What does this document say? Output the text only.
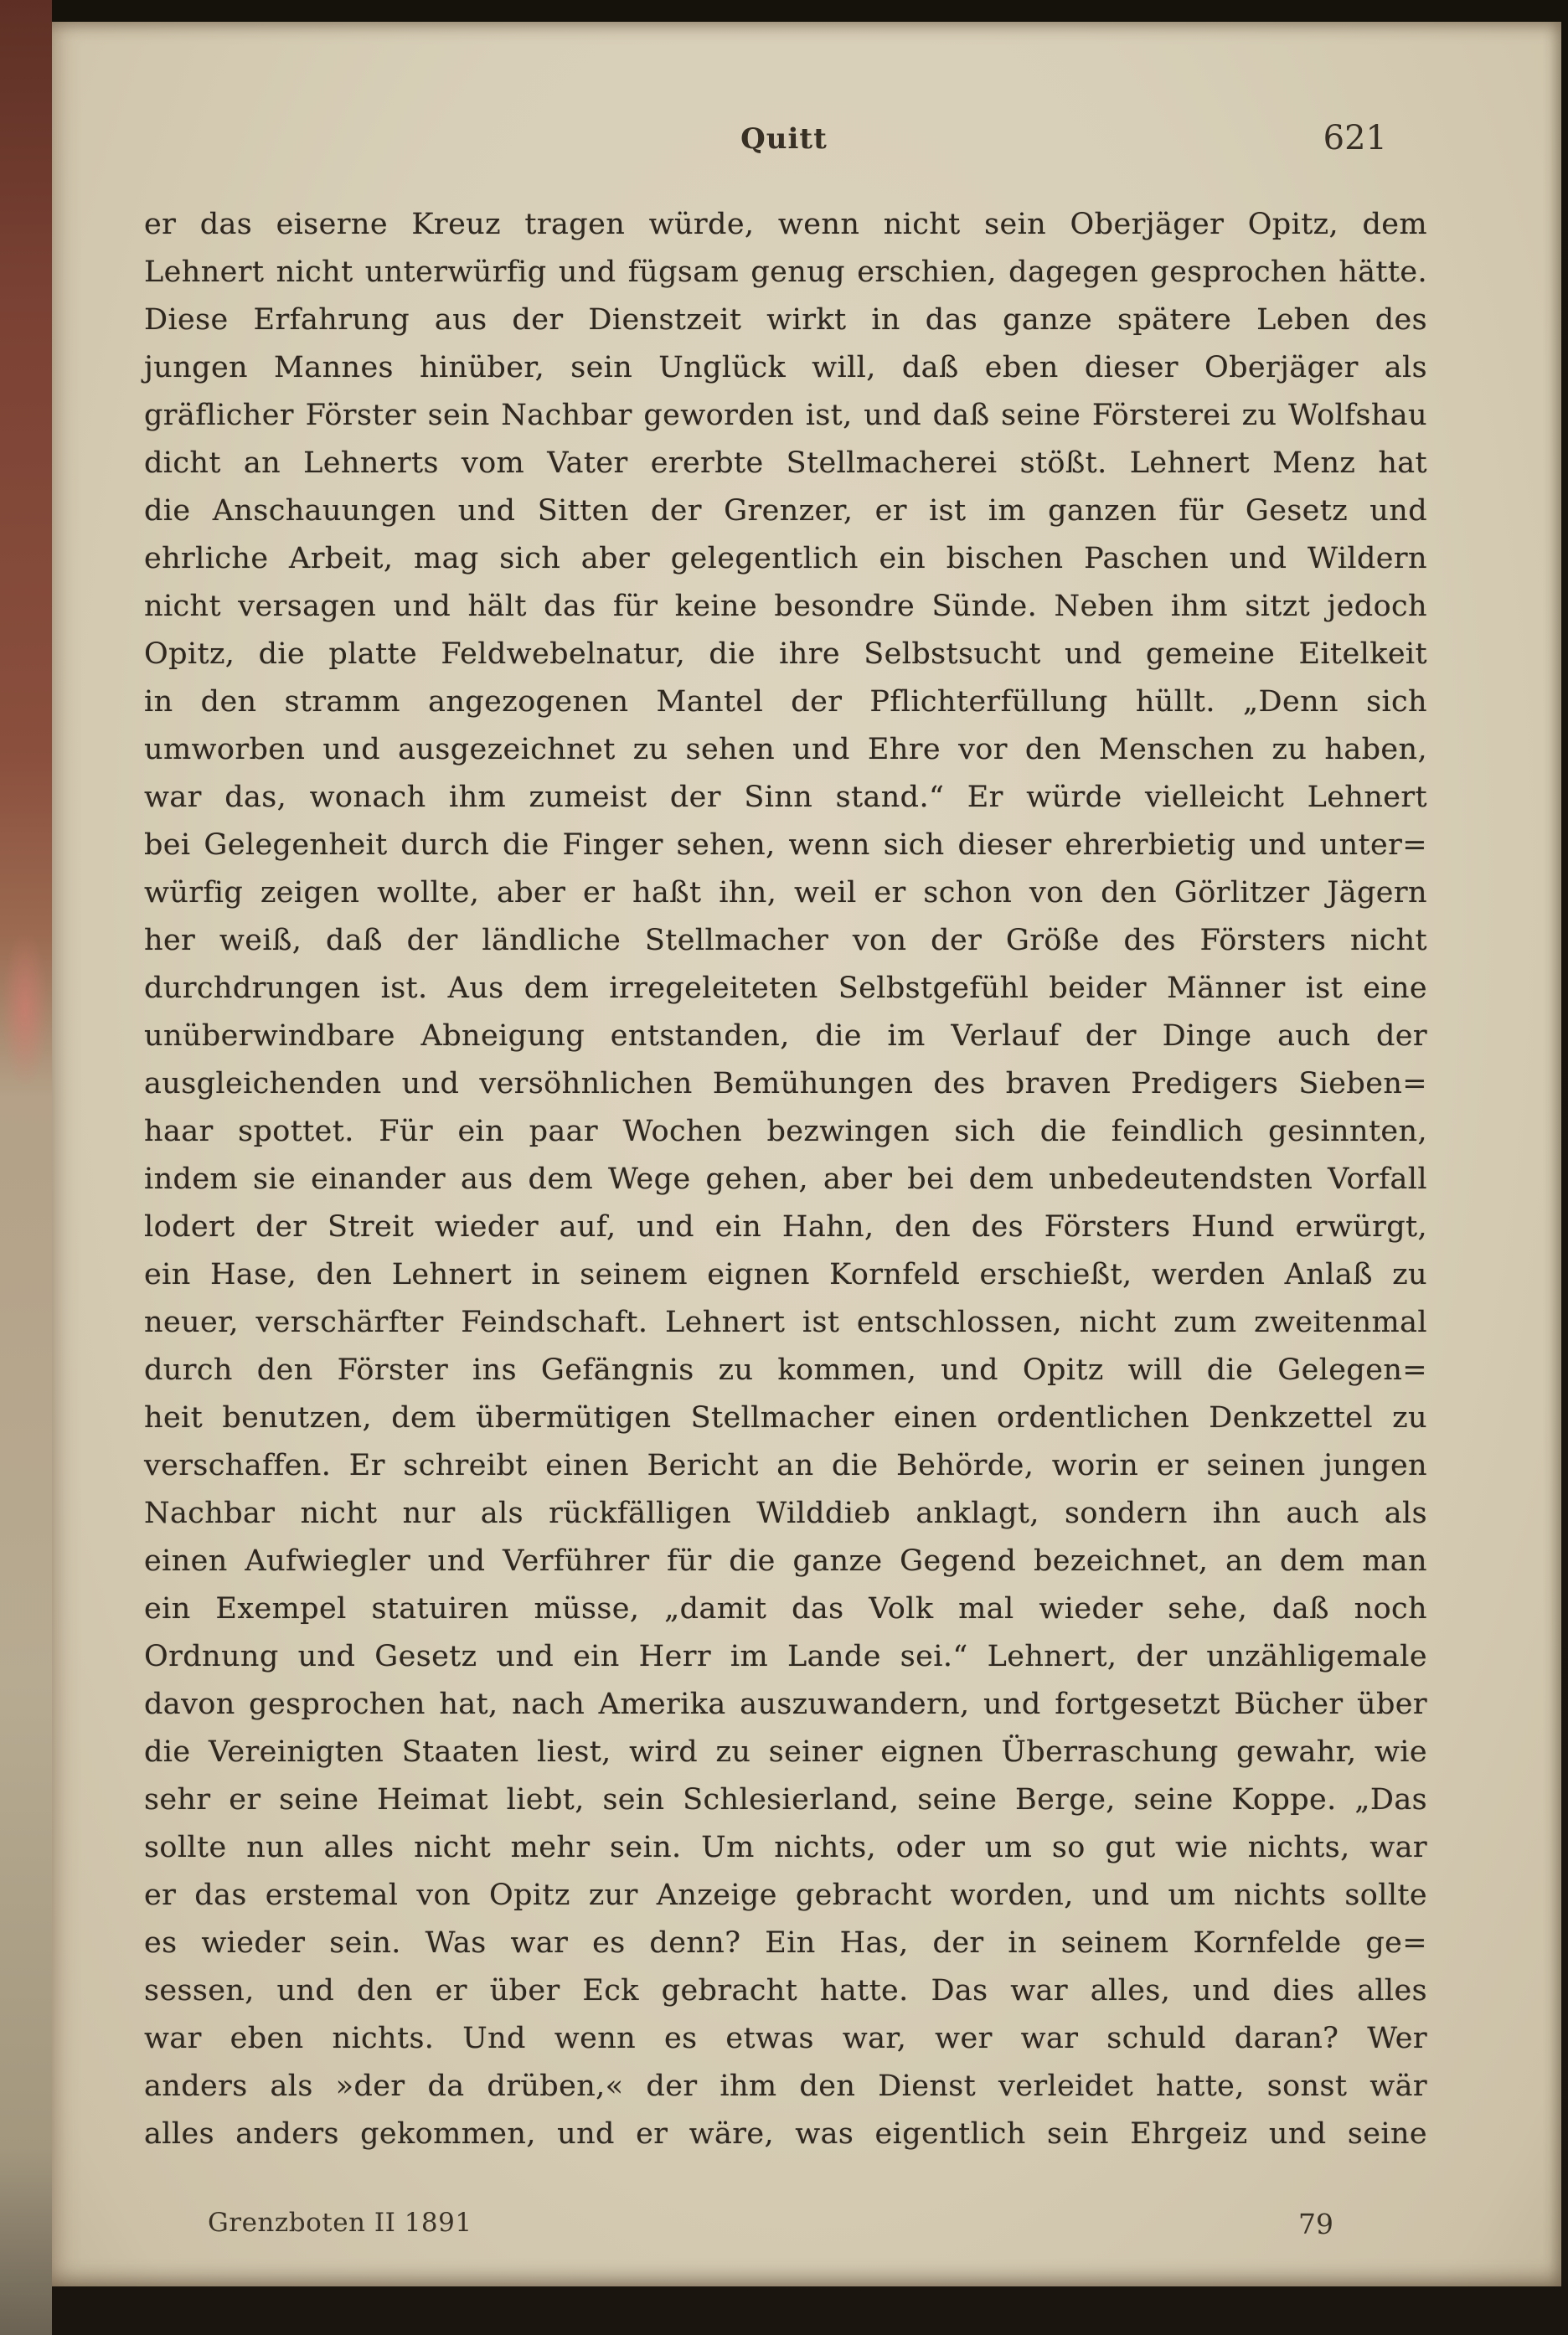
Quitt	621
er das eiserne Kreuz tragen würde, wenn nicht sein Oberjäger Opitz, dem
Lehnert nicht unterwürfig und fügsam genug erschien, dagegen gesprochen hätte.
Diese Erfahrung aus der Dienstzeit wirkt in das ganze spätere Leben des
jungen Mannes hinüber, sein Unglück will, daß eben dieser Oberjäger als
gräflicher Förster sein Nachbar geworden ist, und daß seine Försterei zu Wolfshau
dicht an Lehnerts vom Vater ererbte Stellmacherei stößt. Lehnert Menz hat
die Anschauungen und Sitten der Grenzer, er ist im ganzen für Gesetz und
ehrliche Arbeit, mag sich aber gelegentlich ein bischen Paschen und Wildern
nicht versagen und hält das für keine besondre Sünde. Neben ihm sitzt jedoch
Opitz, die platte Feldwebelnatur, die ihre Selbstsucht und gemeine Eitelkeit
in den stramm angezogenen Mantel der Pflichterfüllung hüllt. „Denn sich
umworben und ausgezeichnet zu sehen und Ehre vor den Menschen zu haben,
war das, wonach ihm zumeist der Sinn stand.“ Er würde vielleicht Lehnert
bei Gelegenheit durch die Finger sehen, wenn sich dieser ehrerbietig und unter=
würfig zeigen wollte, aber er haßt ihn, weil er schon von den Görlitzer Jägern
her weiß, daß der ländliche Stellmacher von der Größe des Försters nicht
durchdrungen ist. Aus dem irregeleiteten Selbstgefühl beider Männer ist eine
unüberwindbare Abneigung entstanden, die im Verlauf der Dinge auch der
ausgleichenden und versöhnlichen Bemühungen des braven Predigers Sieben=
haar spottet. Für ein paar Wochen bezwingen sich die feindlich gesinnten,
indem sie einander aus dem Wege gehen, aber bei dem unbedeutendsten Vorfall
lodert der Streit wieder auf, und ein Hahn, den des Försters Hund erwürgt,
ein Hase, den Lehnert in seinem eignen Kornfeld erschießt, werden Anlaß zu
neuer, verschärfter Feindschaft. Lehnert ist entschlossen, nicht zum zweitenmal
durch den Förster ins Gefängnis zu kommen, und Opitz will die Gelegen=
heit benutzen, dem übermütigen Stellmacher einen ordentlichen Denkzettel zu
verschaffen. Er schreibt einen Bericht an die Behörde, worin er seinen jungen
Nachbar nicht nur als rückfälligen Wilddieb anklagt, sondern ihn auch als
einen Aufwiegler und Verführer für die ganze Gegend bezeichnet, an dem man
ein Exempel statuiren müsse, „damit das Volk mal wieder sehe, daß noch
Ordnung und Gesetz und ein Herr im Lande sei.“ Lehnert, der unzähligemale
davon gesprochen hat, nach Amerika auszuwandern, und fortgesetzt Bücher über
die Vereinigten Staaten liest, wird zu seiner eignen Überraschung gewahr, wie
sehr er seine Heimat liebt, sein Schlesierland, seine Berge, seine Koppe. „Das
sollte nun alles nicht mehr sein. Um nichts, oder um so gut wie nichts, war
er das erstemal von Opitz zur Anzeige gebracht worden, und um nichts sollte
es wieder sein. Was war es denn? Ein Has, der in seinem Kornfelde ge=
sessen, und den er über Eck gebracht hatte. Das war alles, und dies alles
war eben nichts. Und wenn es etwas war, wer war schuld daran? Wer
anders als »der da drüben,« der ihm den Dienst verleidet hatte, sonst wär
alles anders gekommen, und er wäre, was eigentlich sein Ehrgeiz und seine
Grenzboten II 1891	79
